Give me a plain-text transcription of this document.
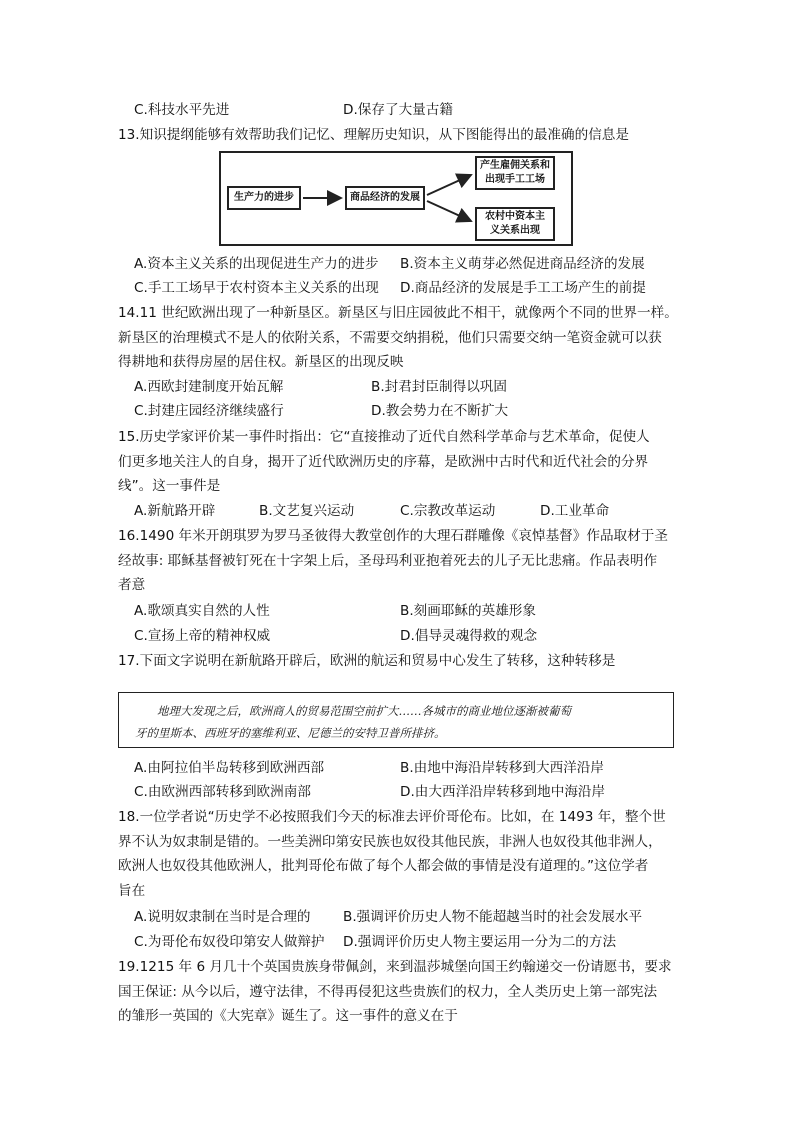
C.科技水平先进	D.保存了大量古籍
13.知识提纲能够有效帮助我们记忆、理解历史知识，从下图能得出的最准确的信息是
生产力的进步	商品经济的发展
产生雇佣关系和
出现手工工场
农村中资本主
义关系出现
A.资本主义关系的出现促进生产力的进步 B.资本主义萌芽必然促进商品经济的发展
C.手工工场早于农村资本主义关系的出现 D.商品经济的发展是手工工场产生的前提
14.11 世纪欧洲出现了一种新垦区。新垦区与旧庄园彼此不相干，就像两个不同的世界一样。
新垦区的治理模式不是人的依附关系，不需要交纳捐税，他们只需要交纳一笔资金就可以获
得耕地和获得房屋的居住权。新垦区的出现反映
A.西欧封建制度开始瓦解	B.封君封臣制得以巩固
C.封建庄园经济继续盛行	D.教会势力在不断扩大
15.历史学家评价某一事件时指出：它“直接推动了近代自然科学革命与艺术革命，促使人
们更多地关注人的自身，揭开了近代欧洲历史的序幕，是欧洲中古时代和近代社会的分界
线”。这一事件是
A.新航路开辟	B.文艺复兴运动	C.宗教改革运动	D.工业革命
16.1490 年米开朗琪罗为罗马圣彼得大教堂创作的大理石群雕像《哀悼基督》作品取材于圣
经故事: 耶稣基督被钉死在十字架上后，圣母玛利亚抱着死去的儿子无比悲痛。作品表明作
者意
A.歌颂真实自然的人性	B.刻画耶稣的英雄形象
C.宣扬上帝的精神权威	D.倡导灵魂得救的观念
17.下面文字说明在新航路开辟后，欧洲的航运和贸易中心发生了转移，这种转移是
地理大发现之后，欧洲商人的贸易范围空前扩大……各城市的商业地位逐渐被葡萄
牙的里斯本、西班牙的塞维利亚、尼德兰的安特卫普所排挤。
A.由阿拉伯半岛转移到欧洲西部	B.由地中海沿岸转移到大西洋沿岸
C.由欧洲西部转移到欧洲南部	D.由大西洋沿岸转移到地中海沿岸
18.一位学者说“历史学不必按照我们今天的标准去评价哥伦布。比如，在 1493 年，整个世
界不认为奴隶制是错的。一些美洲印第安民族也奴役其他民族，非洲人也奴役其他非洲人，
欧洲人也奴役其他欧洲人，批判哥伦布做了每个人都会做的事情是没有道理的。”这位学者
旨在
A.说明奴隶制在当时是合理的 B.强调评价历史人物不能超越当时的社会发展水平
C.为哥伦布奴役印第安人做辩护 D.强调评价历史人物主要运用一分为二的方法
19.1215 年 6 月几十个英国贵族身带佩剑，来到温莎城堡向国王约翰递交一份请愿书，要求
国王保证: 从今以后，遵守法律，不得再侵犯这些贵族们的权力，全人类历史上第一部宪法
的雏形一英国的《大宪章》诞生了。这一事件的意义在于
